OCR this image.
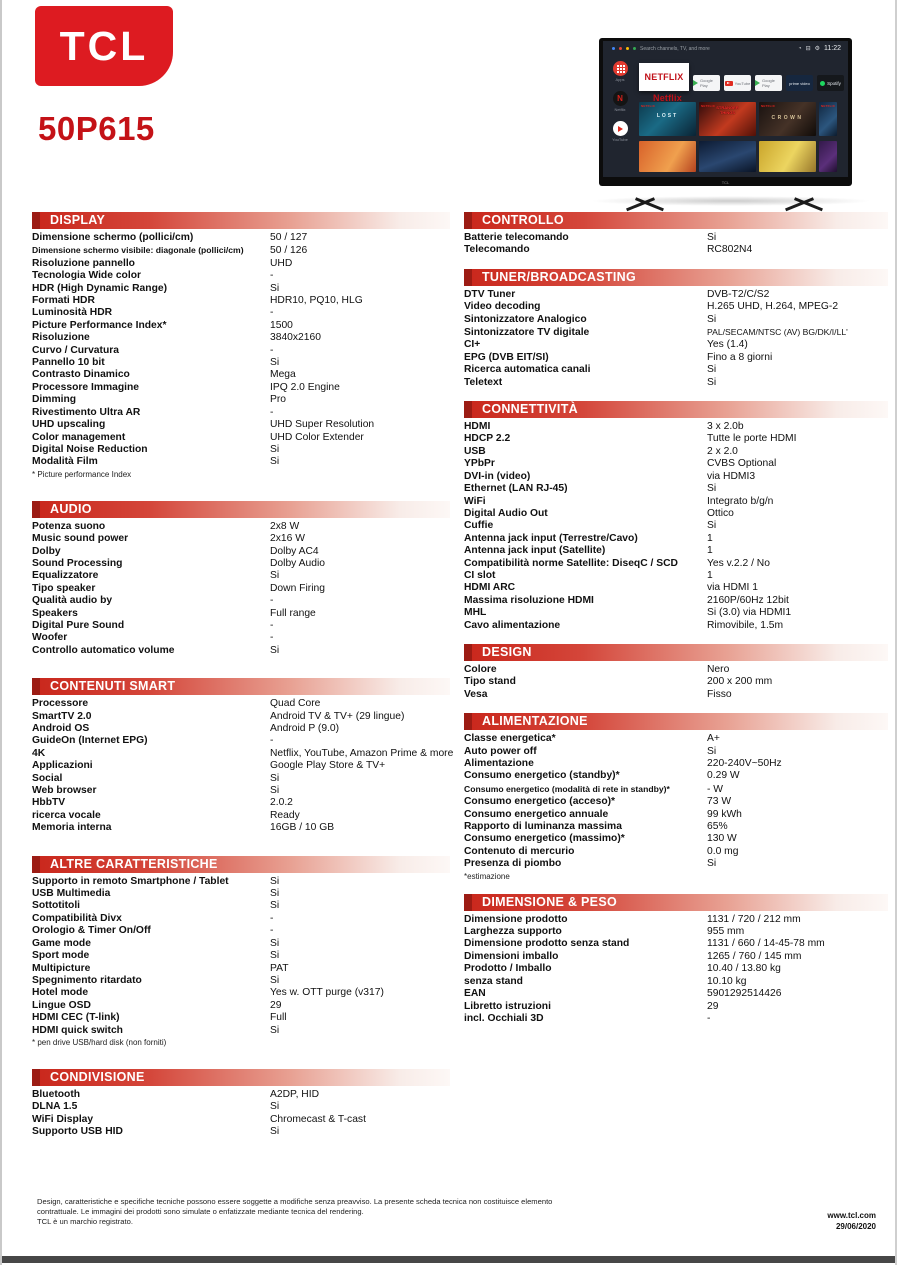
TCL
50P615
Search channels, TV, and more	◔ ⊟ ⚙ 11:22
Apps
N
Netflix
YouTube
NETFLIX
Netflix
Google Play	YouTube	Google Play	prime video	Spotify
NETFLIX
LOST
NETFLIX STRANGER
THINGS
NETFLIX
CROWN
NETFLIX
TCL
DISPLAY
Dimensione schermo (pollici/cm)	50 / 127
Dimensione schermo visibile: diagonale (pollici/cm)	50 / 126
Risoluzione pannello	UHD
Tecnologia Wide color	-
HDR (High Dynamic Range)	Si
Formati HDR	HDR10, PQ10, HLG
Luminosità HDR	-
Picture Performance Index*	1500
Risoluzione	3840x2160
Curvo / Curvatura	-
Pannello 10 bit	Si
Contrasto Dinamico	Mega
Processore Immagine	IPQ 2.0 Engine
Dimming	Pro
Rivestimento Ultra AR	-
UHD upscaling	UHD Super Resolution
Color management	UHD Color Extender
Digital Noise Reduction	Si
Modalità Film	Si
* Picture performance Index
AUDIO
Potenza suono	2x8 W
Music sound power	2x16 W
Dolby	Dolby AC4
Sound Processing	Dolby Audio
Equalizzatore	Si
Tipo speaker	Down Firing
Qualità audio by	-
Speakers	Full range
Digital Pure Sound	-
Woofer	-
Controllo automatico volume	Si
CONTENUTI SMART
Processore	Quad Core
SmartTV 2.0	Android TV & TV+ (29 lingue)
Android OS	Android P (9.0)
GuideOn (Internet EPG)	-
4K	Netflix, YouTube, Amazon Prime & more
Applicazioni	Google Play Store & TV+
Social	Si
Web browser	Si
HbbTV	2.0.2
ricerca vocale	Ready
Memoria interna	16GB / 10 GB
ALTRE CARATTERISTICHE
Supporto in remoto Smartphone / Tablet	Si
USB Multimedia	Si
Sottotitoli	Si
Compatibilità Divx	-
Orologio & Timer On/Off	-
Game mode	Si
Sport mode	Si
Multipicture	PAT
Spegnimento ritardato	Si
Hotel mode	Yes w. OTT purge (v317)
Lingue OSD	29
HDMI CEC (T-link)	Full
HDMI quick switch	Si
* pen drive USB/hard disk (non forniti)
CONDIVISIONE
Bluetooth	A2DP, HID
DLNA 1.5	Si
WiFi Display	Chromecast & T-cast
Supporto USB HID	Si
CONTROLLO
Batterie telecomando	Si
Telecomando	RC802N4
TUNER/BROADCASTING
DTV Tuner	DVB-T2/C/S2
Video decoding	H.265 UHD, H.264, MPEG-2
Sintonizzatore Analogico	Si
Sintonizzatore TV digitale	PAL/SECAM/NTSC (AV) BG/DK/I/LL'
CI+	Yes (1.4)
EPG (DVB EIT/SI)	Fino a 8 giorni
Ricerca automatica canali	Si
Teletext	Si
CONNETTIVITÀ
HDMI	3 x 2.0b
HDCP 2.2	Tutte le porte HDMI
USB	2 x 2.0
YPbPr	CVBS Optional
DVI-in (video)	via HDMI3
Ethernet (LAN RJ-45)	Si
WiFi	Integrato b/g/n
Digital Audio Out	Ottico
Cuffie	Si
Antenna jack input (Terrestre/Cavo)	1
Antenna jack input (Satellite)	1
Compatibilità norme Satellite: DiseqC / SCD	Yes v.2.2 / No
CI slot	1
HDMI ARC	via HDMI 1
Massima risoluzione HDMI	2160P/60Hz 12bit
MHL	Si (3.0) via HDMI1
Cavo alimentazione	Rimovibile, 1.5m
DESIGN
Colore	Nero
Tipo stand	200 x 200 mm
Vesa	Fisso
ALIMENTAZIONE
Classe energetica*	A+
Auto power off	Si
Alimentazione	220-240V~50Hz
Consumo energetico (standby)*	0.29 W
Consumo energetico (modalità di rete in standby)*	- W
Consumo energetico (acceso)*	73 W
Consumo energetico annuale	99 kWh
Rapporto di luminanza massima	65%
Consumo energetico (massimo)*	130 W
Contenuto di mercurio	0.0 mg
Presenza di piombo	Si
*estimazione
DIMENSIONE & PESO
Dimensione prodotto	1131 / 720 / 212 mm
Larghezza supporto	955 mm
Dimensione prodotto senza stand	1131 / 660 / 14-45-78 mm
Dimensioni imballo	1265 / 760 / 145 mm
Prodotto / Imballo	10.40 / 13.80 kg
senza stand	10.10 kg
EAN	5901292514426
Libretto istruzioni	29
incl. Occhiali 3D	-
Design, caratteristiche e specifiche tecniche possono essere soggette a modifiche senza preavviso. La presente scheda tecnica non costituisce elemento
contrattuale. Le immagini dei prodotti sono simulate o enfatizzate mediante tecnica del rendering.
TCL è un marchio registrato.
www.tcl.com
29/06/2020
